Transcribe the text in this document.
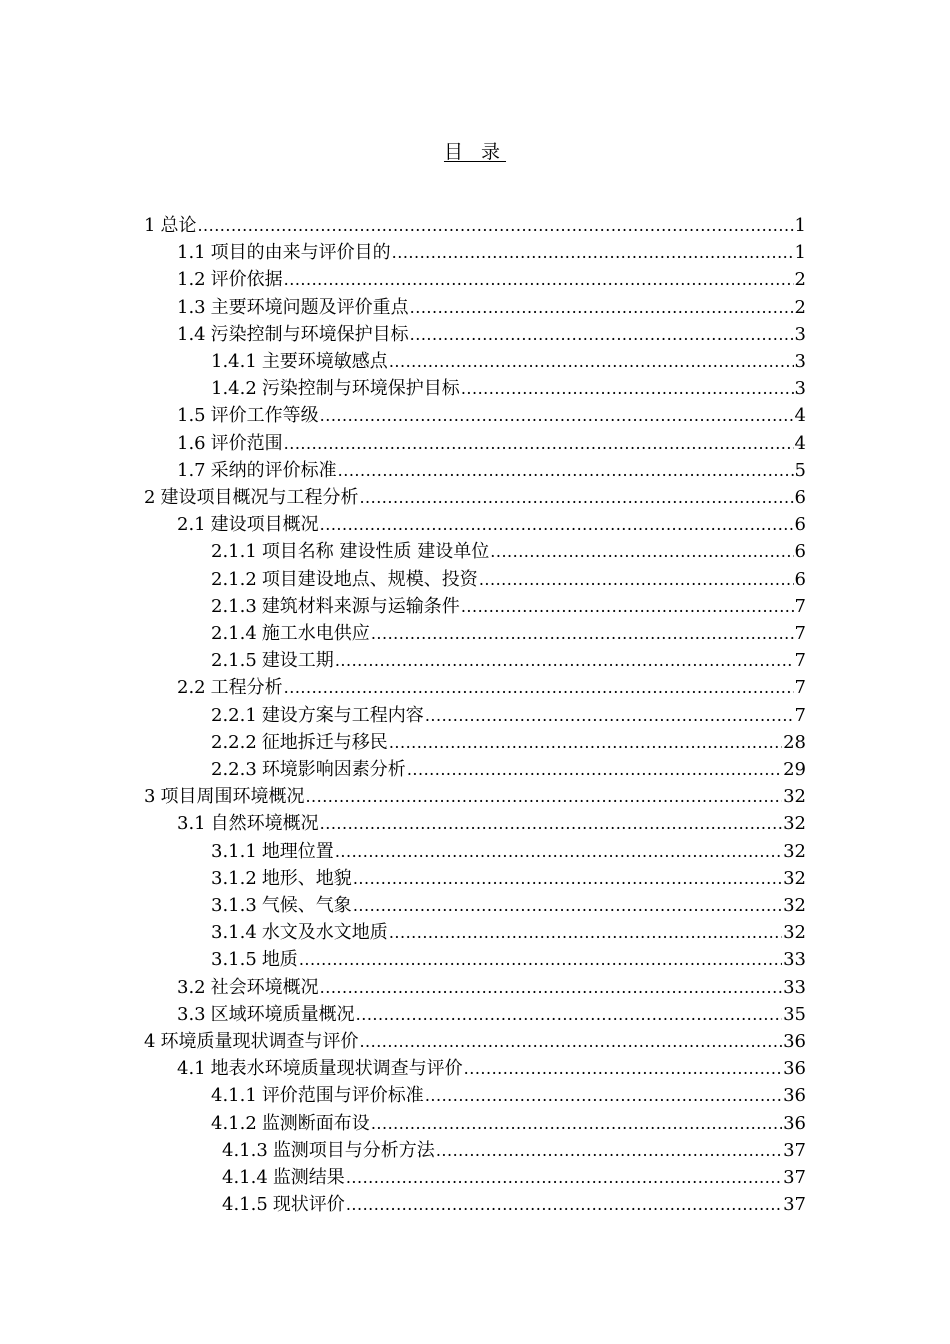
目 录
1 总论 .....	1
1.1 项目的由来与评价目的 .....	1
1.2 评价依据 .....	2
1.3 主要环境问题及评价重点 .....	2
1.4 污染控制与环境保护目标 .....	3
1.4.1 主要环境敏感点 .....	3
1.4.2 污染控制与环境保护目标 .....	3
1.5 评价工作等级 .....	4
1.6 评价范围 .....	4
1.7 采纳的评价标准 .....	5
2 建设项目概况与工程分析 .....	6
2.1 建设项目概况 .....	6
2.1.1 项目名称 建设性质 建设单位 .....	6
2.1.2 项目建设地点、规模、投资 .....	6
2.1.3 建筑材料来源与运输条件 .....	7
2.1.4 施工水电供应 .....	7
2.1.5 建设工期 .....	7
2.2 工程分析 .....	7
2.2.1 建设方案与工程内容 .....	7
2.2.2 征地拆迁与移民 .....	28
2.2.3 环境影响因素分析 .....	29
3 项目周围环境概况 .....	32
3.1 自然环境概况 .....	32
3.1.1 地理位置 .....	32
3.1.2 地形、地貌 .....	32
3.1.3 气候、气象 .....	32
3.1.4 水文及水文地质 .....	32
3.1.5 地质 .....	33
3.2 社会环境概况 .....	33
3.3 区域环境质量概况 .....	35
4 环境质量现状调查与评价 .....	36
4.1 地表水环境质量现状调查与评价 .....	36
4.1.1 评价范围与评价标准 .....	36
4.1.2 监测断面布设 .....	36
4.1.3 监测项目与分析方法 .....	37
4.1.4 监测结果 .....	37
4.1.5 现状评价 .....	37
